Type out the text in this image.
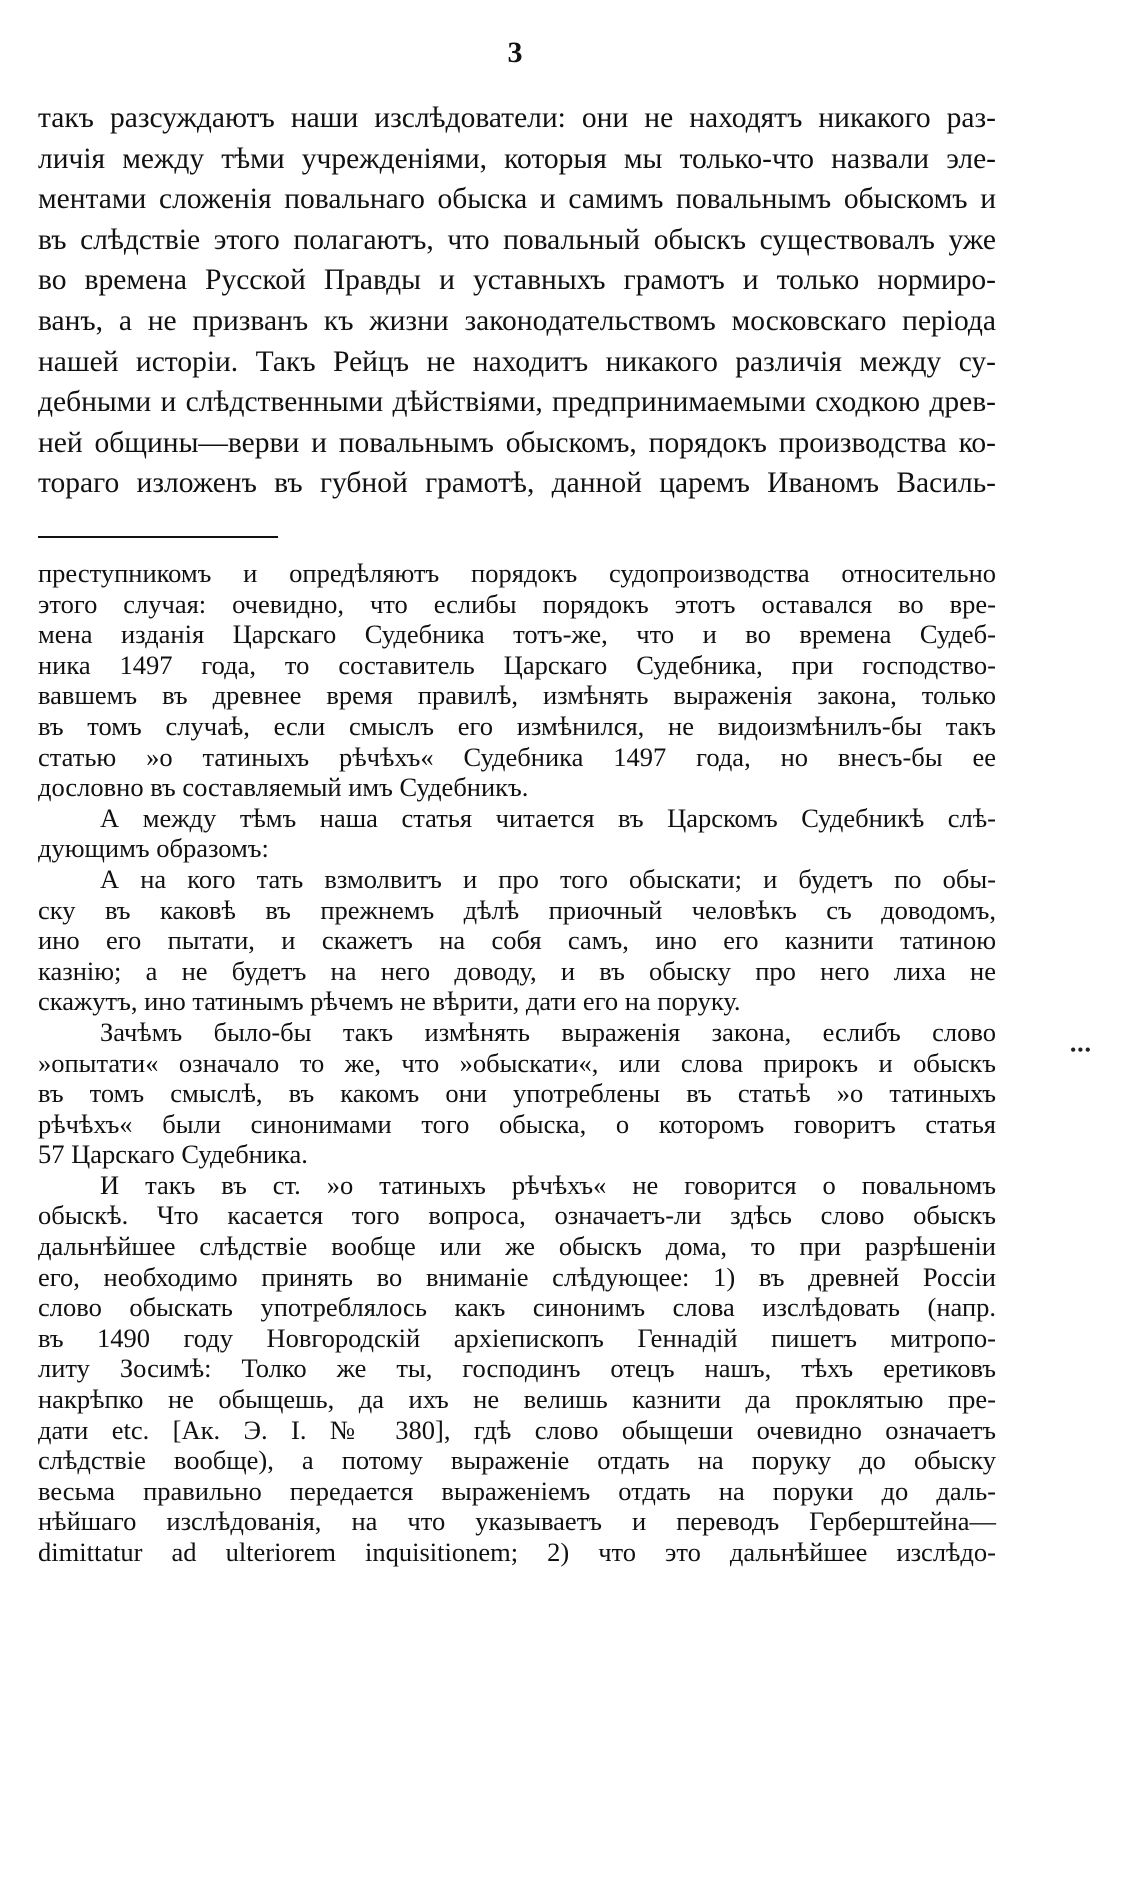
3
такъ разсуждаютъ наши изслѣдователи: они не находятъ никакого раз-
личія между тѣми учрежденіями, которыя мы только-что назвали эле-
ментами сложенія повальнаго обыска и самимъ повальнымъ обыскомъ и
въ слѣдствіе этого полагаютъ, что повальный обыскъ существовалъ уже
во времена Русской Правды и уставныхъ грамотъ и только нормиро-
ванъ, а не призванъ къ жизни законодательствомъ московскаго періода
нашей исторіи. Такъ Рейцъ не находитъ никакого различія между су-
дебными и слѣдственными дѣйствіями, предпринимаемыми сходкою древ-
ней общины—верви и повальнымъ обыскомъ, порядокъ производства ко-
тораго изложенъ въ губной грамотѣ, данной царемъ Иваномъ Василь-
преступникомъ и опредѣляютъ порядокъ судопроизводства относительно
этого случая: очевидно, что еслибы порядокъ этотъ оставался во вре-
мена изданія Царскаго Судебника тотъ-же, что и во времена Судеб-
ника 1497 года, то составитель Царскаго Судебника, при господство-
вавшемъ въ древнее время правилѣ, измѣнять выраженія закона, только
въ томъ случаѣ, если смыслъ его измѣнился, не видоизмѣнилъ-бы такъ
статью »о татиныхъ рѣчѣхъ« Судебника 1497 года, но внесъ-бы ее
дословно въ составляемый имъ Судебникъ.
А между тѣмъ наша статья читается въ Царскомъ Судебникѣ слѣ-
дующимъ образомъ:
А на кого тать взмолвитъ и про того обыскати; и будетъ по обы-
ску въ каковѣ въ прежнемъ дѣлѣ приочный человѣкъ съ доводомъ,
ино его пытати, и скажетъ на собя самъ, ино его казнити татиною
казнію; а не будетъ на него доводу, и въ обыску про него лиха не
скажутъ, ино татинымъ рѣчемъ не вѣрити, дати его на поруку.
Зачѣмъ было-бы такъ измѣнять выраженія закона, еслибъ слово
»опытати« означало то же, что »обыскати«, или слова прирокъ и обыскъ
въ томъ смыслѣ, въ какомъ они употреблены въ статьѣ »о татиныхъ
рѣчѣхъ« были синонимами того обыска, о которомъ говоритъ статья
57 Царскаго Судебника.
И такъ въ ст. »о татиныхъ рѣчѣхъ« не говорится о повальномъ
обыскѣ. Что касается того вопроса, означаетъ-ли здѣсь слово обыскъ
дальнѣйшее слѣдствіе вообще или же обыскъ дома, то при разрѣшеніи
его, необходимо принять во вниманіе слѣдующее: 1) въ древней Россіи
слово обыскать употреблялось какъ синонимъ слова изслѣдовать (напр.
въ 1490 году Новгородскій архіепископъ Геннадій пишетъ митропо-
литу Зосимѣ: Толко же ты, господинъ отецъ нашъ, тѣхъ еретиковъ
накрѣпко не обыщешь, да ихъ не велишь казнити да проклятыю пре-
дати etc. [Ак. Э. I. № 380], гдѣ слово обыщеши очевидно означаетъ
слѣдствіе вообще), а потому выраженіе отдать на поруку до обыску
весьма правильно передается выраженіемъ отдать на поруки до даль-
нѣйшаго изслѣдованія, на что указываетъ и переводъ Герберштейна—
dimittatur ad ulteriorem inquisitionem; 2) что это дальнѣйшее изслѣдо-
•••
